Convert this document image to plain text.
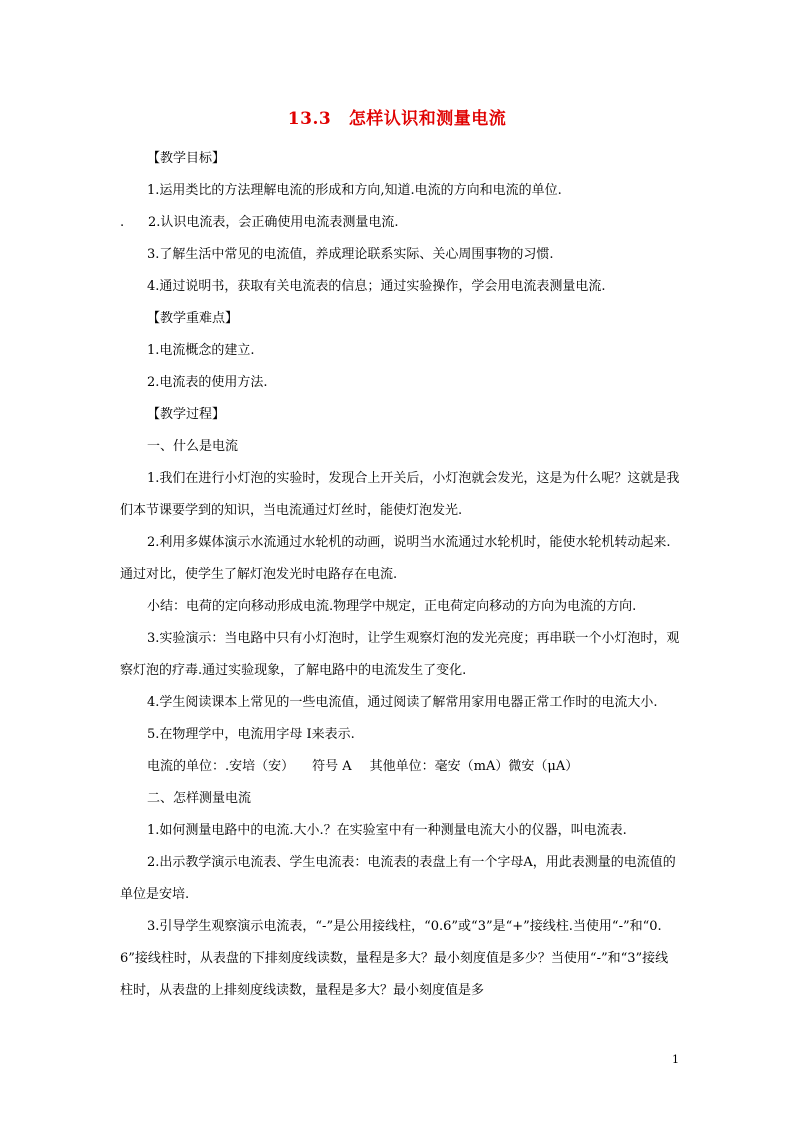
13.3　怎样认识和测量电流

【教学目标】

1.运用类比的方法理解电流的形成和方向,知道.电流的方向和电流的单位.

. 2.认识电流表，会正确使用电流表测量电流.

3.了解生活中常见的电流值，养成理论联系实际、关心周围事物的习惯.

4.通过说明书，获取有关电流表的信息；通过实验操作，学会用电流表测量电流.

【教学重难点】

1.电流概念的建立.

2.电流表的使用方法.

【教学过程】

一、什么是电流

1.我们在进行小灯泡的实验时，发现合上开关后，小灯泡就会发光，这是为什么呢？这就是我们本节课要学到的知识，当电流通过灯丝时，能使灯泡发光.

2.利用多媒体演示水流通过水轮机的动画，说明当水流通过水轮机时，能使水轮机转动起来.通过对比，使学生了解灯泡发光时电路存在电流.

小结：电荷的定向移动形成电流.物理学中规定，正电荷定向移动的方向为电流的方向.

3.实验演示：当电路中只有小灯泡时，让学生观察灯泡的发光亮度；再串联一个小灯泡时，观察灯泡的疗毒.通过实验现象，了解电路中的电流发生了变化.

4.学生阅读课本上常见的一些电流值，通过阅读了解常用家用电器正常工作时的电流大小.

5.在物理学中，电流用字母 I来表示.

电流的单位：.安培（安） 符号 A 其他单位：毫安（mA）微安（μA）

二、怎样测量电流

1.如何测量电路中的电流.大小.？在实验室中有一种测量电流大小的仪器，叫电流表.

2.出示教学演示电流表、学生电流表：电流表的表盘上有一个字母A，用此表测量的电流值的单位是安培.

3.引导学生观察演示电流表，“-”是公用接线柱，“0.6”或“3”是“+”接线柱.当使用“-”和“0.6”接线柱时，从表盘的下排刻度线读数，量程是多大？最小刻度值是多少？当使用“-”和“3”接线柱时，从表盘的上排刻度线读数，量程是多大？最小刻度值是多

1
